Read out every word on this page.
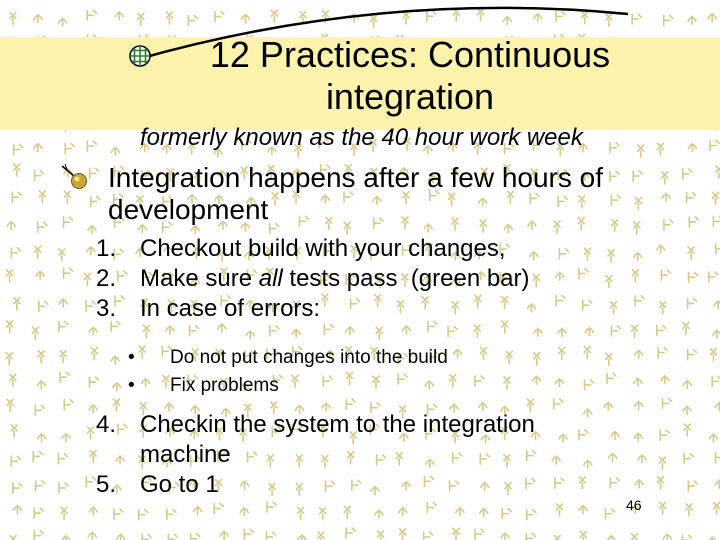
12 Practices: Continuous integration
formerly known as the 40 hour work week
Integration happens after a few hours of development
1. Checkout build with your changes,
2. Make sure all tests pass  (green bar)
3. In case of errors:
•	Do not put changes into the build
•	Fix problems
4. Checkin the system to the integration machine
5. Go to 1
46
